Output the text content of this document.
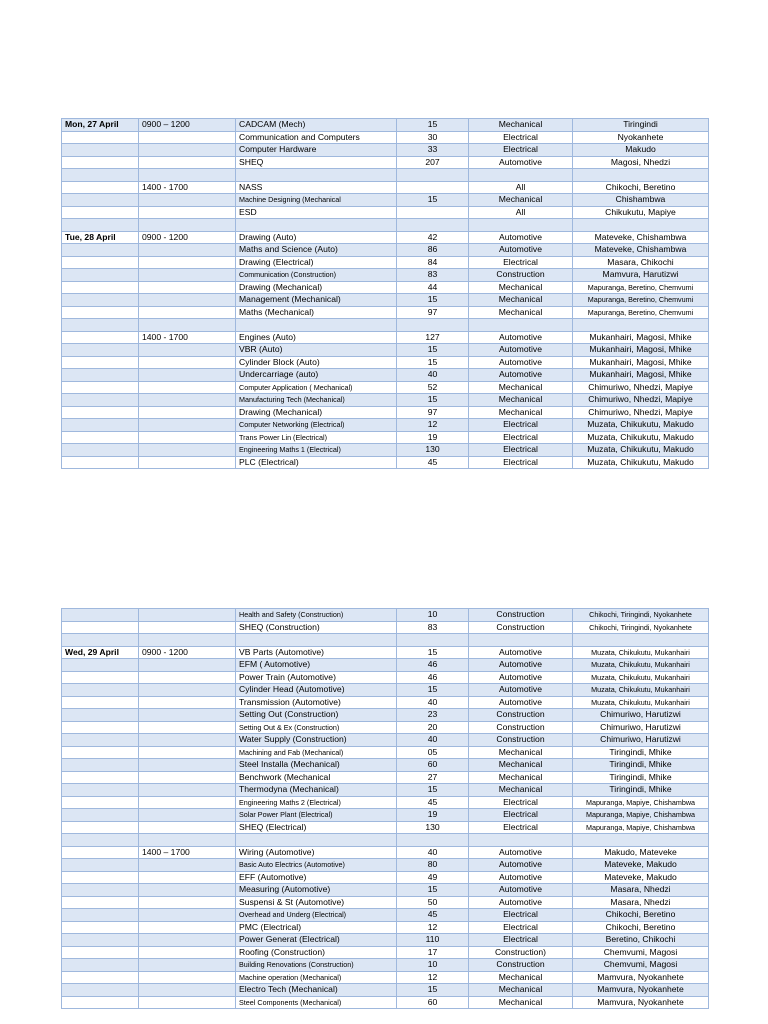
Mon, 27 April	0900 – 1200	CADCAM (Mech)	15	Mechanical	Tiringindi
		Communication and Computers	30	Electrical	Nyokanhete
		Computer Hardware	33	Electrical	Makudo
		SHEQ	207	Automotive	Magosi, Nhedzi

	1400 - 1700	NASS		All	Chikochi, Beretino
		Machine Designing (Mechanical	15	Mechanical	Chishambwa
		ESD		All	Chikukutu, Mapiye

Tue, 28 April	0900 - 1200	Drawing (Auto)	42	Automotive	Mateveke, Chishambwa
		Maths and Science (Auto)	86	Automotive	Mateveke, Chishambwa
		Drawing (Electrical)	84	Electrical	Masara, Chikochi
		Communication (Construction)	83	Construction	Mamvura, Harutizwi
		Drawing (Mechanical)	44	Mechanical	Mapuranga, Beretino, Chemvumi
		Management (Mechanical)	15	Mechanical	Mapuranga, Beretino, Chemvumi
		Maths (Mechanical)	97	Mechanical	Mapuranga, Beretino, Chemvumi

	1400 - 1700	Engines (Auto)	127	Automotive	Mukanhairi, Magosi, Mhike
		VBR (Auto)	15	Automotive	Mukanhairi, Magosi, Mhike
		Cylinder Block (Auto)	15	Automotive	Mukanhairi, Magosi, Mhike
		Undercarriage (auto)	40	Automotive	Mukanhairi, Magosi, Mhike
		Computer Application ( Mechanical)	52	Mechanical	Chimuriwo, Nhedzi, Mapiye
		Manufacturing Tech (Mechanical)	15	Mechanical	Chimuriwo, Nhedzi, Mapiye
		Drawing (Mechanical)	97	Mechanical	Chimuriwo, Nhedzi, Mapiye
		Computer Networking (Electrical)	12	Electrical	Muzata, Chikukutu, Makudo
		Trans Power Lin (Electrical)	19	Electrical	Muzata, Chikukutu, Makudo
		Engineering Maths 1 (Electrical)	130	Electrical	Muzata, Chikukutu, Makudo
		PLC (Electrical)	45	Electrical	Muzata, Chikukutu, Makudo
		Health and Safety (Construction)	10	Construction	Chikochi, Tiringindi, Nyokanhete
		SHEQ (Construction)	83	Construction	Chikochi, Tiringindi, Nyokanhete

Wed, 29 April	0900 - 1200	VB Parts (Automotive)	15	Automotive	Muzata, Chikukutu, Mukanhairi
		EFM ( Automotive)	46	Automotive	Muzata, Chikukutu, Mukanhairi
		Power Train (Automotive)	46	Automotive	Muzata, Chikukutu, Mukanhairi
		Cylinder Head (Automotive)	15	Automotive	Muzata, Chikukutu, Mukanhairi
		Transmission (Automotive)	40	Automotive	Muzata, Chikukutu, Mukanhairi
		Setting Out (Construction)	23	Construction	Chimuriwo, Harutizwi
		Setting Out & Ex (Construction)	20	Construction	Chimuriwo, Harutizwi
		Water Supply (Construction)	40	Construction	Chimuriwo, Harutizwi
		Machining and Fab (Mechanical)	05	Mechanical	Tiringindi, Mhike
		Steel Installa (Mechanical)	60	Mechanical	Tiringindi, Mhike
		Benchwork (Mechanical	27	Mechanical	Tiringindi, Mhike
		Thermodyna (Mechanical)	15	Mechanical	Tiringindi, Mhike
		Engineering Maths 2 (Electrical)	45	Electrical	Mapuranga, Mapiye, Chishambwa
		Solar Power Plant (Electrical)	19	Electrical	Mapuranga, Mapiye, Chishambwa
		SHEQ (Electrical)	130	Electrical	Mapuranga, Mapiye, Chishambwa

	1400 – 1700	Wiring (Automotive)	40	Automotive	Makudo, Mateveke
		Basic Auto Electrics (Automotive)	80	Automotive	Mateveke, Makudo
		EFF (Automotive)	49	Automotive	Mateveke, Makudo
		Measuring (Automotive)	15	Automotive	Masara, Nhedzi
		Suspensi & St (Automotive)	50	Automotive	Masara, Nhedzi
		Overhead and Underg (Electrical)	45	Electrical	Chikochi, Beretino
		PMC (Electrical)	12	Electrical	Chikochi, Beretino
		Power Generat (Electrical)	110	Electrical	Beretino, Chikochi
		Roofing (Construction)	17	Construction)	Chemvumi, Magosi
		Building Renovations (Construction)	10	Construction	Chemvumi, Magosi
		Machine operation (Mechanical)	12	Mechanical	Mamvura, Nyokanhete
		Electro Tech (Mechanical)	15	Mechanical	Mamvura, Nyokanhete
		Steel Components (Mechanical)	60	Mechanical	Mamvura, Nyokanhete
